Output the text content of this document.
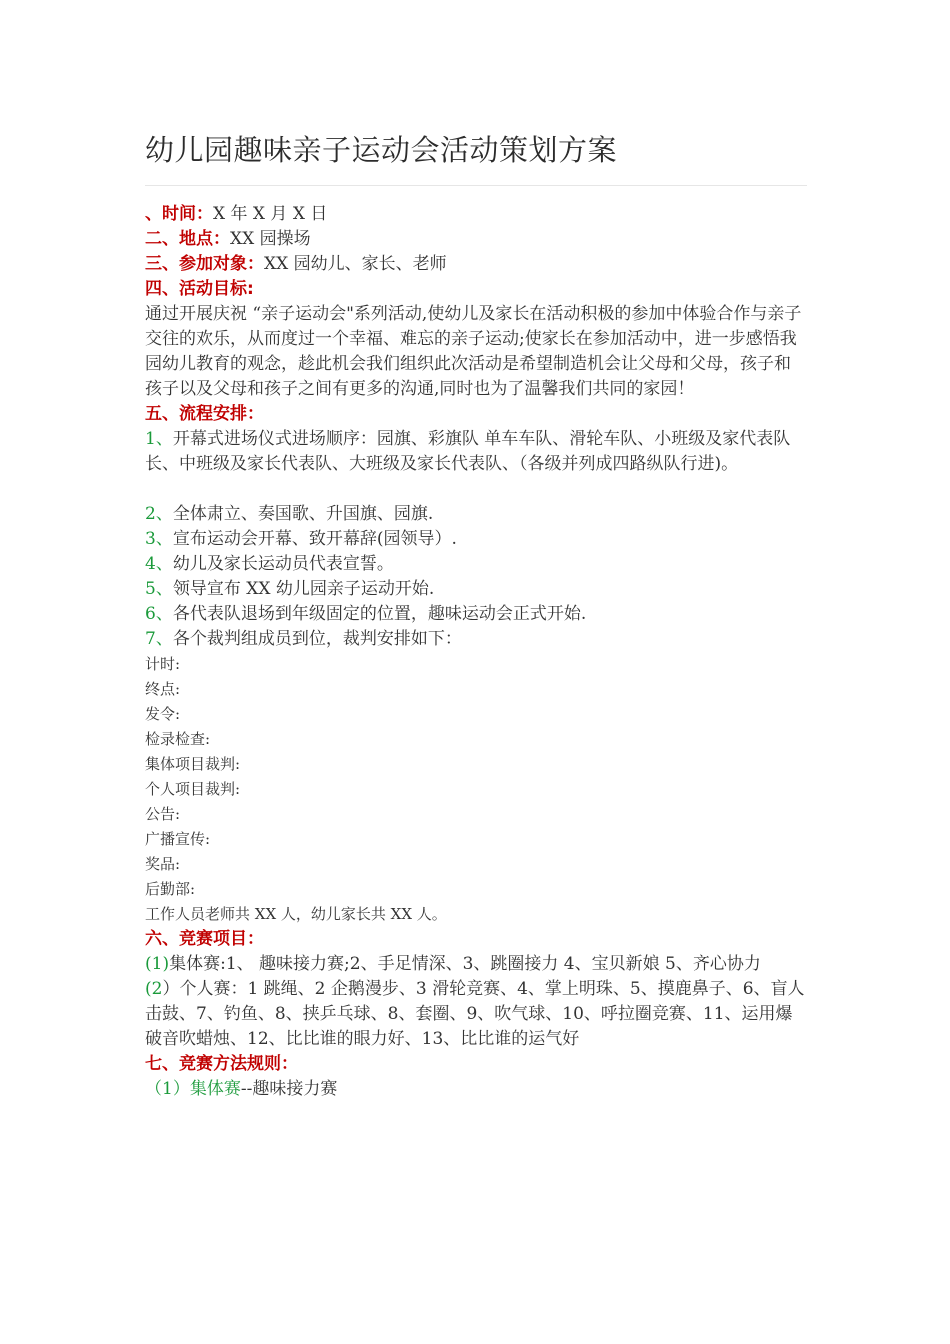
幼儿园趣味亲子运动会活动策划方案
、时间：X 年 X 月 X 日
二、地点：XX 园操场
三、参加对象：XX 园幼儿、家长、老师
四、活动目标:
通过开展庆祝 “亲子运动会"系列活动,使幼儿及家长在活动积极的参加中体验合作与亲子交往的欢乐，从而度过一个幸福、难忘的亲子运动;使家长在参加活动中，进一步感悟我园幼儿教育的观念，趁此机会我们组织此次活动是希望制造机会让父母和父母，孩子和孩子以及父母和孩子之间有更多的沟通,同时也为了温馨我们共同的家园！
五、流程安排：
1、开幕式进场仪式进场顺序：园旗、彩旗队 单车车队、滑轮车队、小班级及家代表队长、中班级及家长代表队、大班级及家长代表队、（各级并列成四路纵队行进)。
2、全体肃立、奏国歌、升国旗、园旗.
3、宣布运动会开幕、致开幕辞(园领导）.
4、幼儿及家长运动员代表宣誓。
5、领导宣布 XX 幼儿园亲子运动开始.
6、各代表队退场到年级固定的位置，趣味运动会正式开始.
7、各个裁判组成员到位，裁判安排如下：
计时:
终点:
发令:
检录检查:
集体项目裁判:
个人项目裁判:
公告:
广播宣传:
奖品:
后勤部:
工作人员老师共 XX 人，幼儿家长共 XX 人。
六、竞赛项目：
(1)集体赛:1、 趣味接力赛;2、手足情深、3、跳圈接力 4、宝贝新娘 5、齐心协力
(2）个人赛：1 跳绳、2 企鹅漫步、3 滑轮竞赛、4、掌上明珠、5、摸鹿鼻子、6、盲人击鼓、7、钓鱼、8、挟乒乓球、8、套圈、9、吹气球、10、呼拉圈竞赛、11、运用爆破音吹蜡烛、12、比比谁的眼力好、13、比比谁的运气好
七、竞赛方法规则：
（1）集体赛--趣味接力赛
